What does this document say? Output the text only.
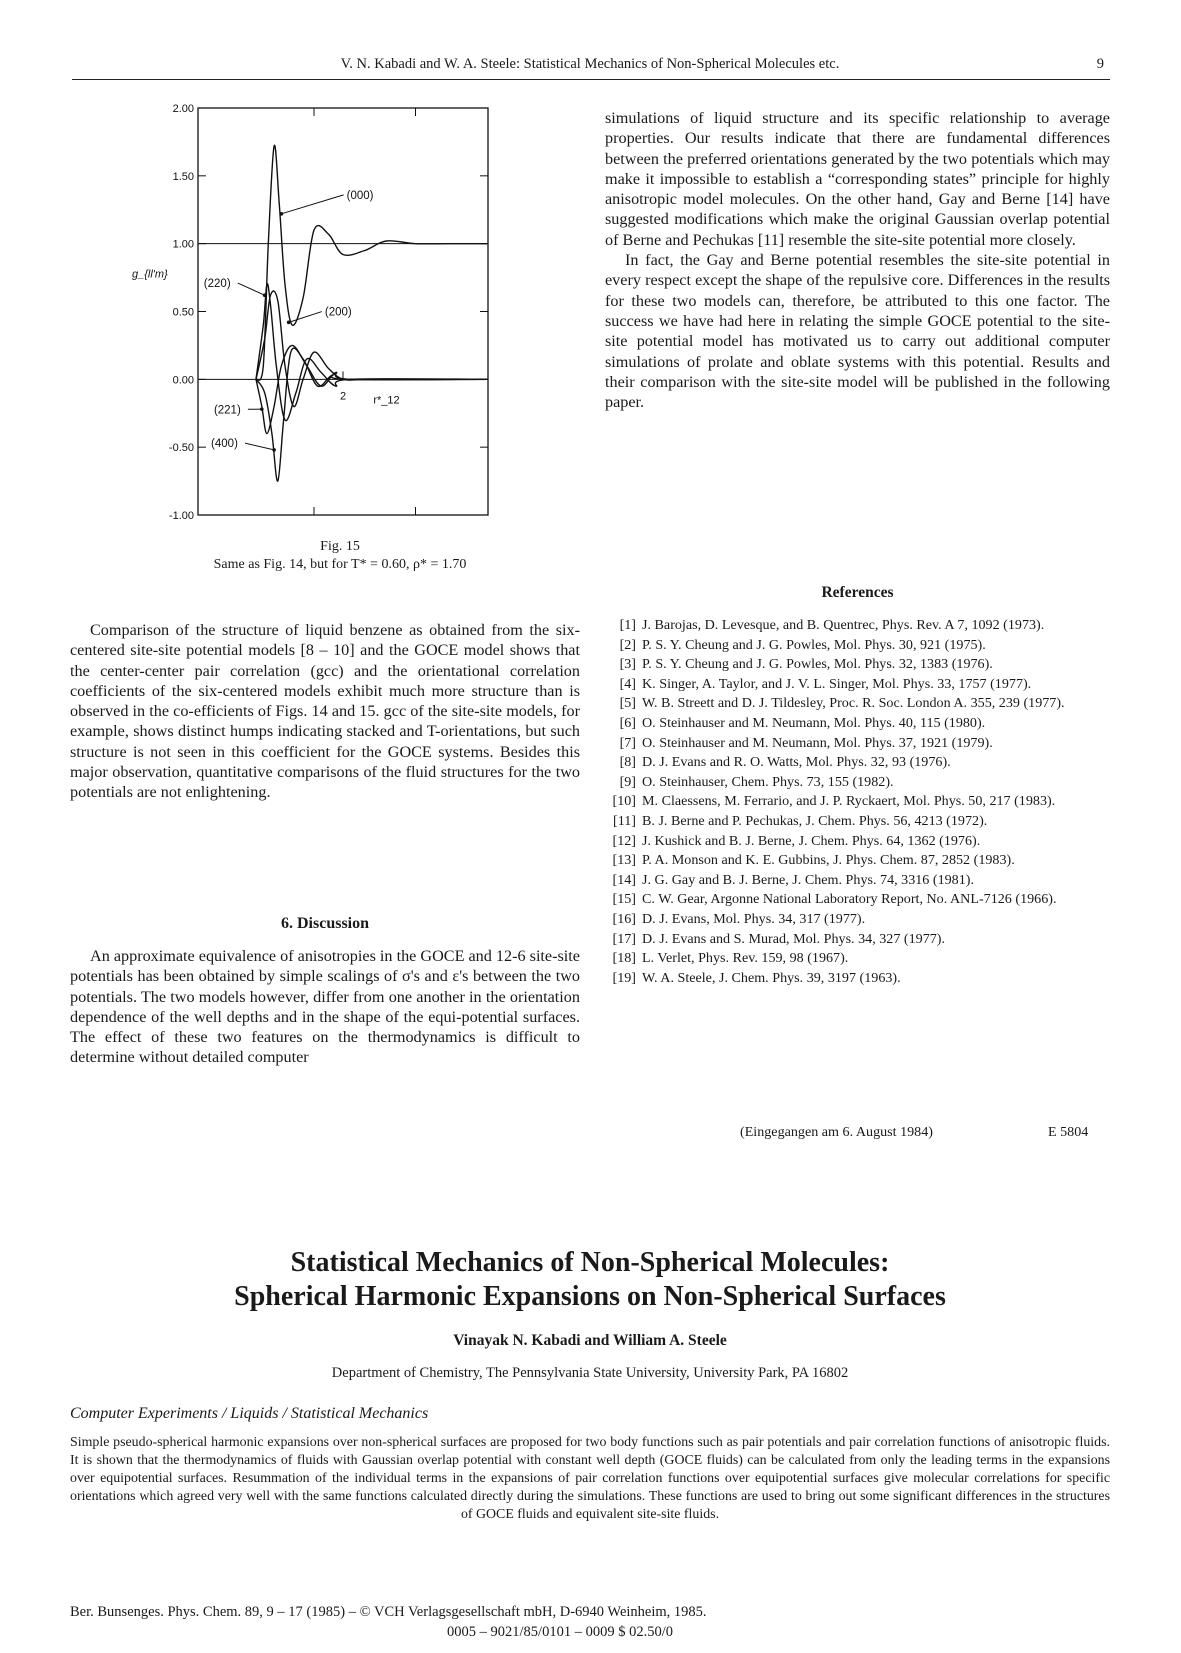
V. N. Kabadi and W. A. Steele: Statistical Mechanics of Non-Spherical Molecules etc.	9
2.00
1.50
1.00
0.50
0.00
-0.50
-1.00
2 r*_12
g_{ll'm}
(000)
(200)
(220)
(221)
(400)
Fig. 15
Same as Fig. 14, but for T* = 0.60, ρ* = 1.70

Comparison of the structure of liquid benzene as obtained from the six-centered site-site potential models [8 – 10] and the GOCE model shows that the center-center pair correlation (gcc) and the orientational correlation coefficients of the six-centered models exhibit much more structure than is observed in the co-efficients of Figs. 14 and 15. gcc of the site-site models, for example, shows distinct humps indicating stacked and T-orientations, but such structure is not seen in this coefficient for the GOCE systems. Besides this major observation, quantitative comparisons of the fluid structures for the two potentials are not enlightening.

6. Discussion

An approximate equivalence of anisotropies in the GOCE and 12-6 site-site potentials has been obtained by simple scalings of σ's and ε's between the two potentials. The two models however, differ from one another in the orientation dependence of the well depths and in the shape of the equi-potential surfaces. The effect of these two features on the thermodynamics is difficult to determine without detailed computer

simulations of liquid structure and its specific relationship to average properties. Our results indicate that there are fundamental differences between the preferred orientations generated by the two potentials which may make it impossible to establish a “corresponding states” principle for highly anisotropic model molecules. On the other hand, Gay and Berne [14] have suggested modifications which make the original Gaussian overlap potential of Berne and Pechukas [11] resemble the site-site potential more closely.

In fact, the Gay and Berne potential resembles the site-site potential in every respect except the shape of the repulsive core. Differences in the results for these two models can, therefore, be attributed to this one factor. The success we have had here in relating the simple GOCE potential to the site-site potential model has motivated us to carry out additional computer simulations of prolate and oblate systems with this potential. Results and their comparison with the site-site model will be published in the following paper.

References
[1] J. Barojas, D. Levesque, and B. Quentrec, Phys. Rev. A 7, 1092 (1973).
[2] P. S. Y. Cheung and J. G. Powles, Mol. Phys. 30, 921 (1975).
[3] P. S. Y. Cheung and J. G. Powles, Mol. Phys. 32, 1383 (1976).
[4] K. Singer, A. Taylor, and J. V. L. Singer, Mol. Phys. 33, 1757 (1977).
[5] W. B. Streett and D. J. Tildesley, Proc. R. Soc. London A. 355, 239 (1977).
[6] O. Steinhauser and M. Neumann, Mol. Phys. 40, 115 (1980).
[7] O. Steinhauser and M. Neumann, Mol. Phys. 37, 1921 (1979).
[8] D. J. Evans and R. O. Watts, Mol. Phys. 32, 93 (1976).
[9] O. Steinhauser, Chem. Phys. 73, 155 (1982).
[10] M. Claessens, M. Ferrario, and J. P. Ryckaert, Mol. Phys. 50, 217 (1983).
[11] B. J. Berne and P. Pechukas, J. Chem. Phys. 56, 4213 (1972).
[12] J. Kushick and B. J. Berne, J. Chem. Phys. 64, 1362 (1976).
[13] P. A. Monson and K. E. Gubbins, J. Phys. Chem. 87, 2852 (1983).
[14] J. G. Gay and B. J. Berne, J. Chem. Phys. 74, 3316 (1981).
[15] C. W. Gear, Argonne National Laboratory Report, No. ANL-7126 (1966).
[16] D. J. Evans, Mol. Phys. 34, 317 (1977).
[17] D. J. Evans and S. Murad, Mol. Phys. 34, 327 (1977).
[18] L. Verlet, Phys. Rev. 159, 98 (1967).
[19] W. A. Steele, J. Chem. Phys. 39, 3197 (1963).
(Eingegangen am 6. August 1984)	E 5804
Statistical Mechanics of Non-Spherical Molecules:
Spherical Harmonic Expansions on Non-Spherical Surfaces
Vinayak N. Kabadi and William A. Steele
Department of Chemistry, The Pennsylvania State University, University Park, PA 16802
Computer Experiments / Liquids / Statistical Mechanics
Simple pseudo-spherical harmonic expansions over non-spherical surfaces are proposed for two body functions such as pair potentials and pair correlation functions of anisotropic fluids. It is shown that the thermodynamics of fluids with Gaussian overlap potential with constant well depth (GOCE fluids) can be calculated from only the leading terms in the expansions over equipotential surfaces. Resummation of the individual terms in the expansions of pair correlation functions over equipotential surfaces give molecular correlations for specific orientations which agreed very well with the same functions calculated directly during the simulations. These functions are used to bring out some significant differences in the structures of GOCE fluids and equivalent site-site fluids.
Ber. Bunsenges. Phys. Chem. 89, 9 – 17 (1985) – © VCH Verlagsgesellschaft mbH, D-6940 Weinheim, 1985.
0005 – 9021/85/0101 – 0009 $ 02.50/0
